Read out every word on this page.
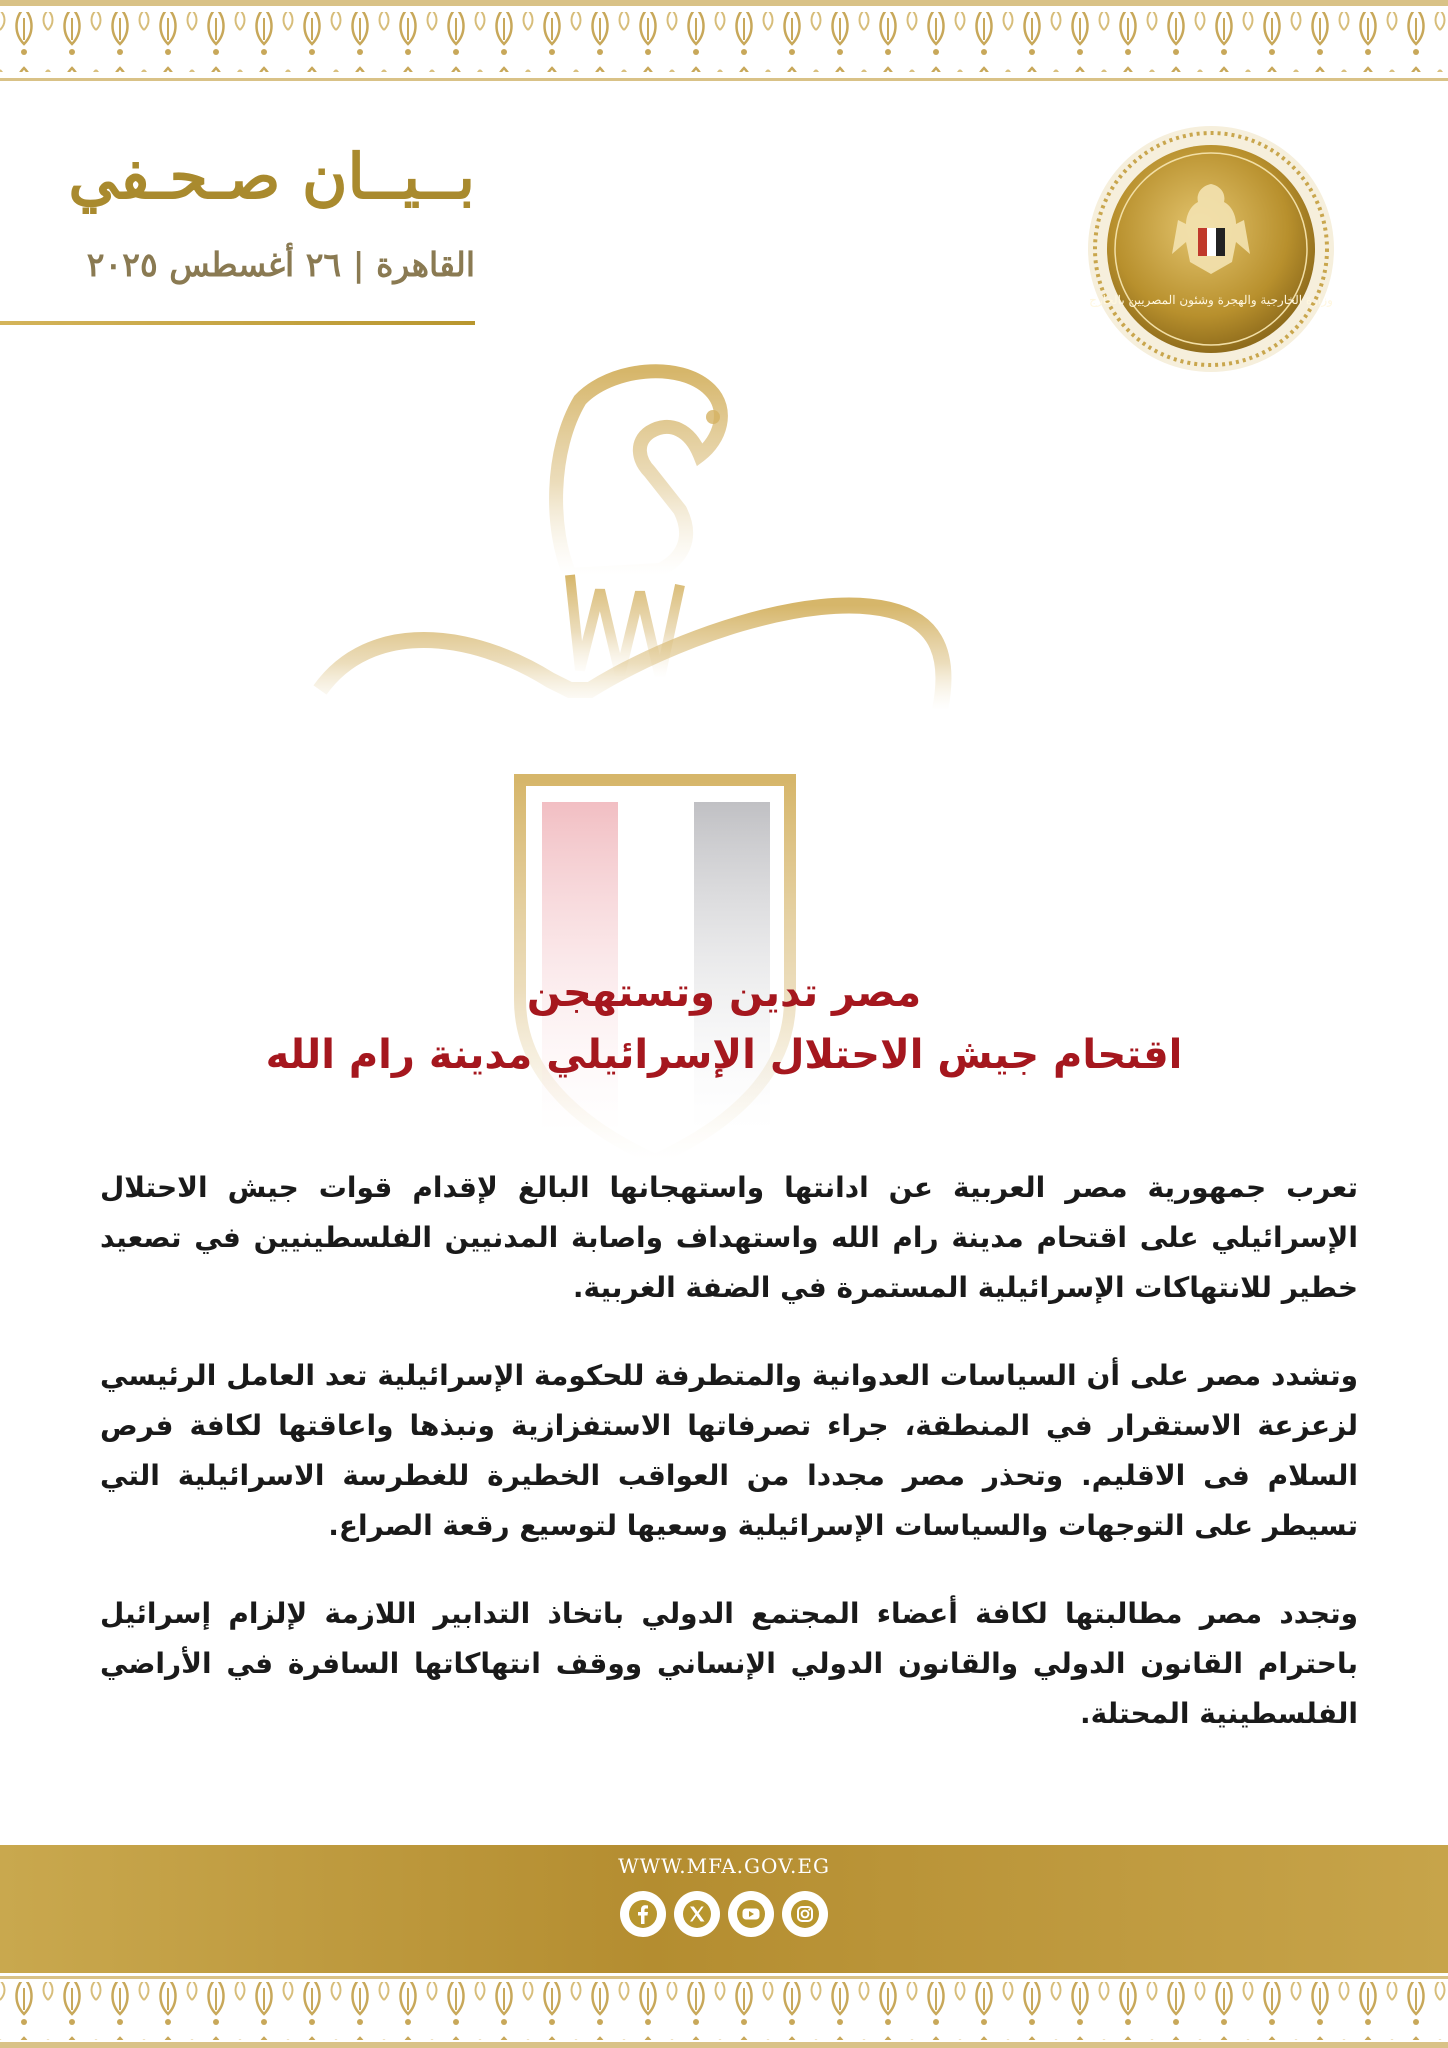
بــيــان صـحـفي
القاهرة | ٢٦ أغسطس ٢٠٢٥
وزارة الخارجية والهجرة وشئون المصريين بالخارج
مصر تدين وتستهجن
اقتحام جيش الاحتلال الإسرائيلي مدينة رام الله

تعرب جمهورية مصر العربية عن ادانتها واستهجانها البالغ لإقدام قوات جيش الاحتلال الإسرائيلي على اقتحام مدينة رام الله واستهداف واصابة المدنيين الفلسطينيين في تصعيد خطير للانتهاكات الإسرائيلية المستمرة في الضفة الغربية.

وتشدد مصر على أن السياسات العدوانية والمتطرفة للحكومة الإسرائيلية تعد العامل الرئيسي لزعزعة الاستقرار في المنطقة، جراء تصرفاتها الاستفزازية ونبذها واعاقتها لكافة فرص السلام فى الاقليم. وتحذر مصر مجددا من العواقب الخطيرة للغطرسة الاسرائيلية التي تسيطر على التوجهات والسياسات الإسرائيلية وسعيها لتوسيع رقعة الصراع.

وتجدد مصر مطالبتها لكافة أعضاء المجتمع الدولي باتخاذ التدابير اللازمة لإلزام إسرائيل باحترام القانون الدولي والقانون الدولي الإنساني ووقف انتهاكاتها السافرة في الأراضي الفلسطينية المحتلة.

WWW.MFA.GOV.EG
